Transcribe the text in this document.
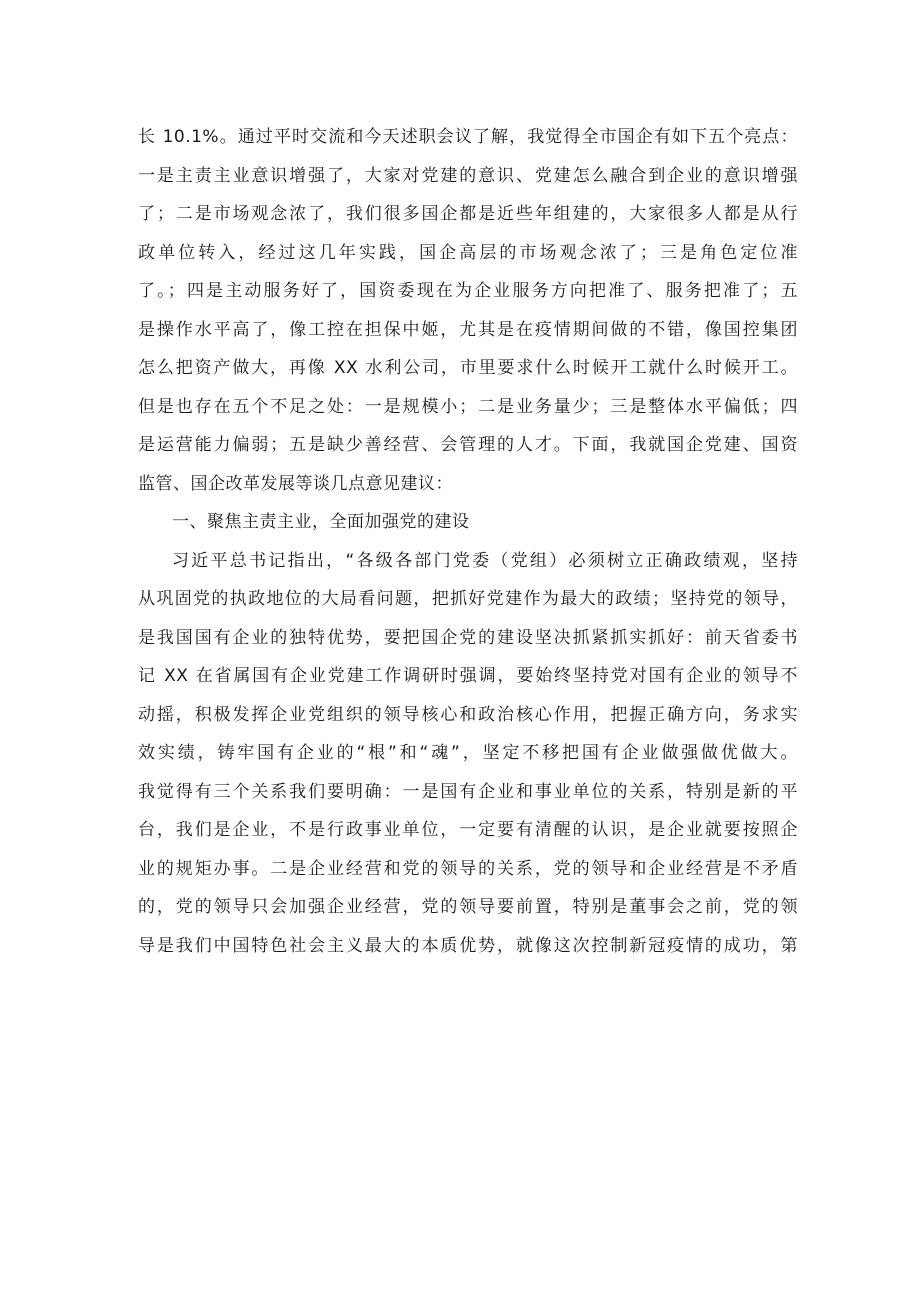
长 10.1%。通过平时交流和今天述职会议了解，我觉得全市国企有如下五个亮点：
一是主责主业意识增强了，大家对党建的意识、党建怎么融合到企业的意识增强
了；二是市场观念浓了，我们很多国企都是近些年组建的，大家很多人都是从行
政单位转入，经过这几年实践，国企高层的市场观念浓了；三是角色定位准
了。；四是主动服务好了，国资委现在为企业服务方向把准了、服务把准了；五
是操作水平高了，像工控在担保中姬，尤其是在疫情期间做的不错，像国控集团
怎么把资产做大，再像 XX 水利公司，市里要求什么时候开工就什么时候开工。
但是也存在五个不足之处：一是规模小；二是业务量少；三是整体水平偏低；四
是运营能力偏弱；五是缺少善经营、会管理的人才。下面，我就国企党建、国资
监管、国企改革发展等谈几点意见建议：
一、聚焦主责主业，全面加强党的建设
习近平总书记指出，“各级各部门党委（党组）必须树立正确政绩观，坚持
从巩固党的执政地位的大局看问题，把抓好党建作为最大的政绩；坚持党的领导，
是我国国有企业的独特优势，要把国企党的建设坚决抓紧抓实抓好：前天省委书
记 XX 在省属国有企业党建工作调研时强调，要始终坚持党对国有企业的领导不
动摇，积极发挥企业党组织的领导核心和政治核心作用，把握正确方向，务求实
效实绩，铸牢国有企业的“根”和“魂”，坚定不移把国有企业做强做优做大。
我觉得有三个关系我们要明确：一是国有企业和事业单位的关系，特别是新的平
台，我们是企业，不是行政事业单位，一定要有清醒的认识，是企业就要按照企
业的规矩办事。二是企业经营和党的领导的关系，党的领导和企业经营是不矛盾
的，党的领导只会加强企业经营，党的领导要前置，特别是董事会之前，党的领
导是我们中国特色社会主义最大的本质优势，就像这次控制新冠疫情的成功，第
